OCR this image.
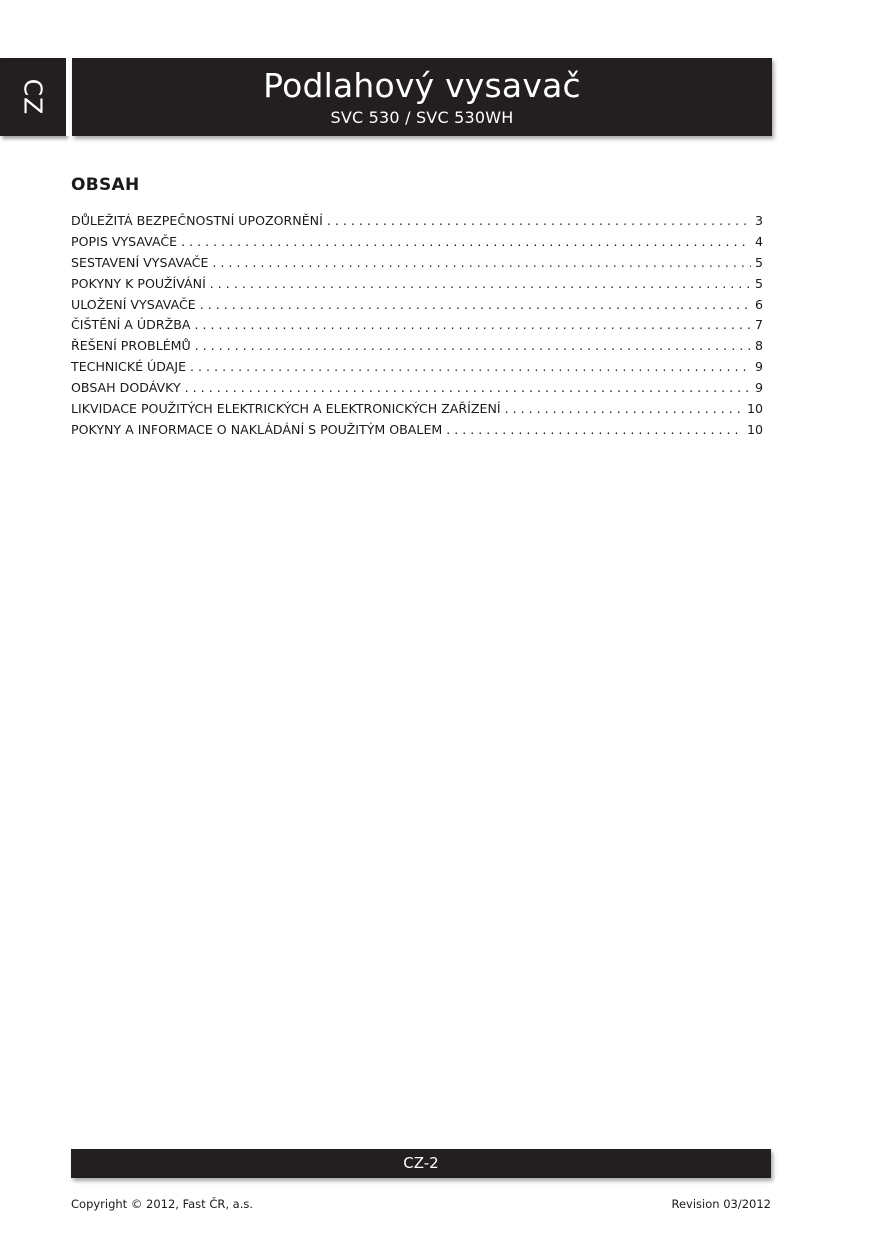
CZ	Podlahový vysavač
SVC 530 / SVC 530WH
OBSAH
DŮLEŽITÁ BEZPEČNOSTNÍ UPOZORNĚNÍ . . .	3
POPIS VYSAVAČE . . .	4
SESTAVENÍ VYSAVAČE . . .	5
POKYNY K POUŽÍVÁNÍ . . .	5
ULOŽENÍ VYSAVAČE . . .	6
ČIŠTĚNÍ A ÚDRŽBA . . .	7
ŘEŠENÍ PROBLÉMŮ . . .	8
TECHNICKÉ ÚDAJE . . .	9
OBSAH DODÁVKY . . .	9
LIKVIDACE POUŽITÝCH ELEKTRICKÝCH A ELEKTRONICKÝCH ZAŘÍZENÍ . . .	10
POKYNY A INFORMACE O NAKLÁDÁNÍ S POUŽITÝM OBALEM . . .	10
CZ-2
Copyright © 2012, Fast ČR, a.s.	Revision 03/2012
